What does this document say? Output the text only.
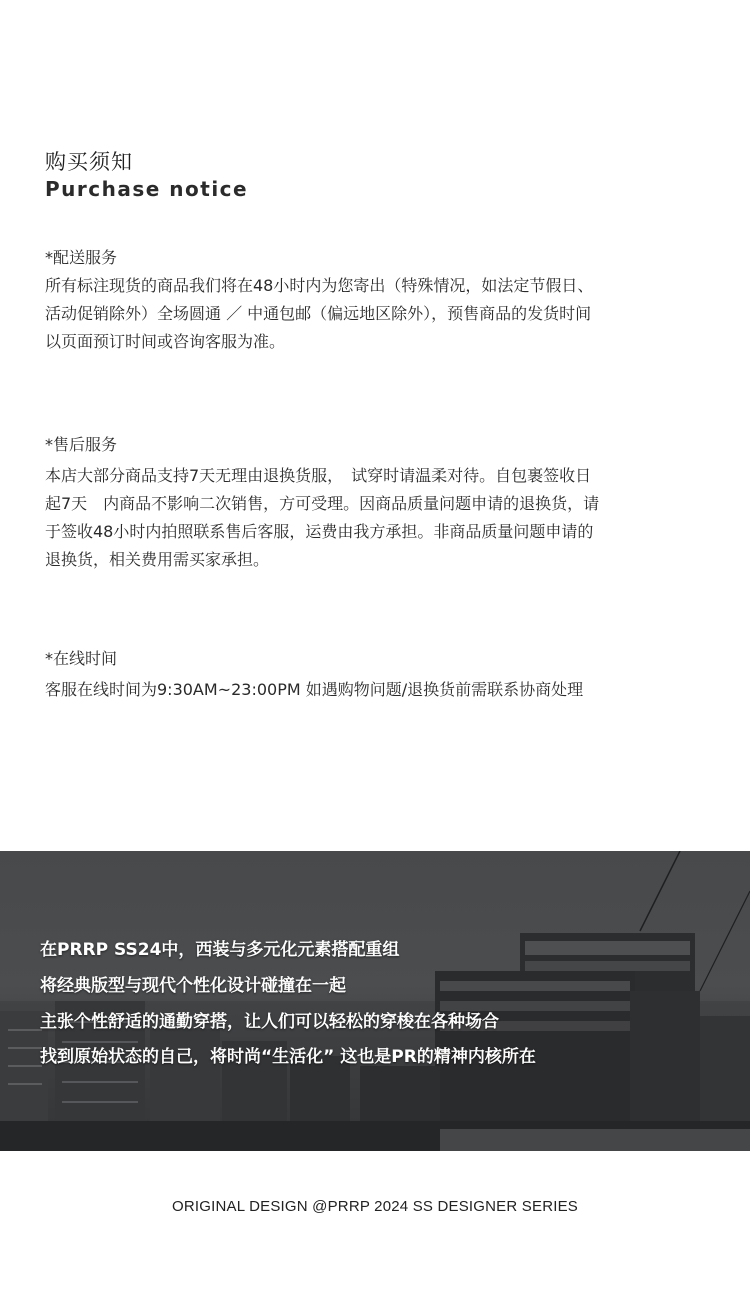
购买须知
Purchase notice
*配送服务
所有标注现货的商品我们将在48小时内为您寄出（特殊情况，如法定节假日、
活动促销除外）全场圆通 ／ 中通包邮（偏远地区除外），预售商品的发货时间
以页面预订时间或咨询客服为准。
*售后服务
本店大部分商品支持7天无理由退换货服，　试穿时请温柔对待。自包裹签收日
起7天　内商品不影响二次销售，方可受理。因商品质量问题申请的退换货，请
于签收48小时内拍照联系售后客服，运费由我方承担。非商品质量问题申请的
退换货，相关费用需买家承担。
*在线时间
客服在线时间为9:30AM~23:00PM 如遇购物问题/退换货前需联系协商处理
在PRRP SS24中，西装与多元化元素搭配重组
将经典版型与现代个性化设计碰撞在一起
主张个性舒适的通勤穿搭，让人们可以轻松的穿梭在各种场合
找到原始状态的自己，将时尚“生活化” 这也是PR的精神内核所在
ORIGINAL DESIGN @PRRP 2024 SS DESIGNER SERIES
